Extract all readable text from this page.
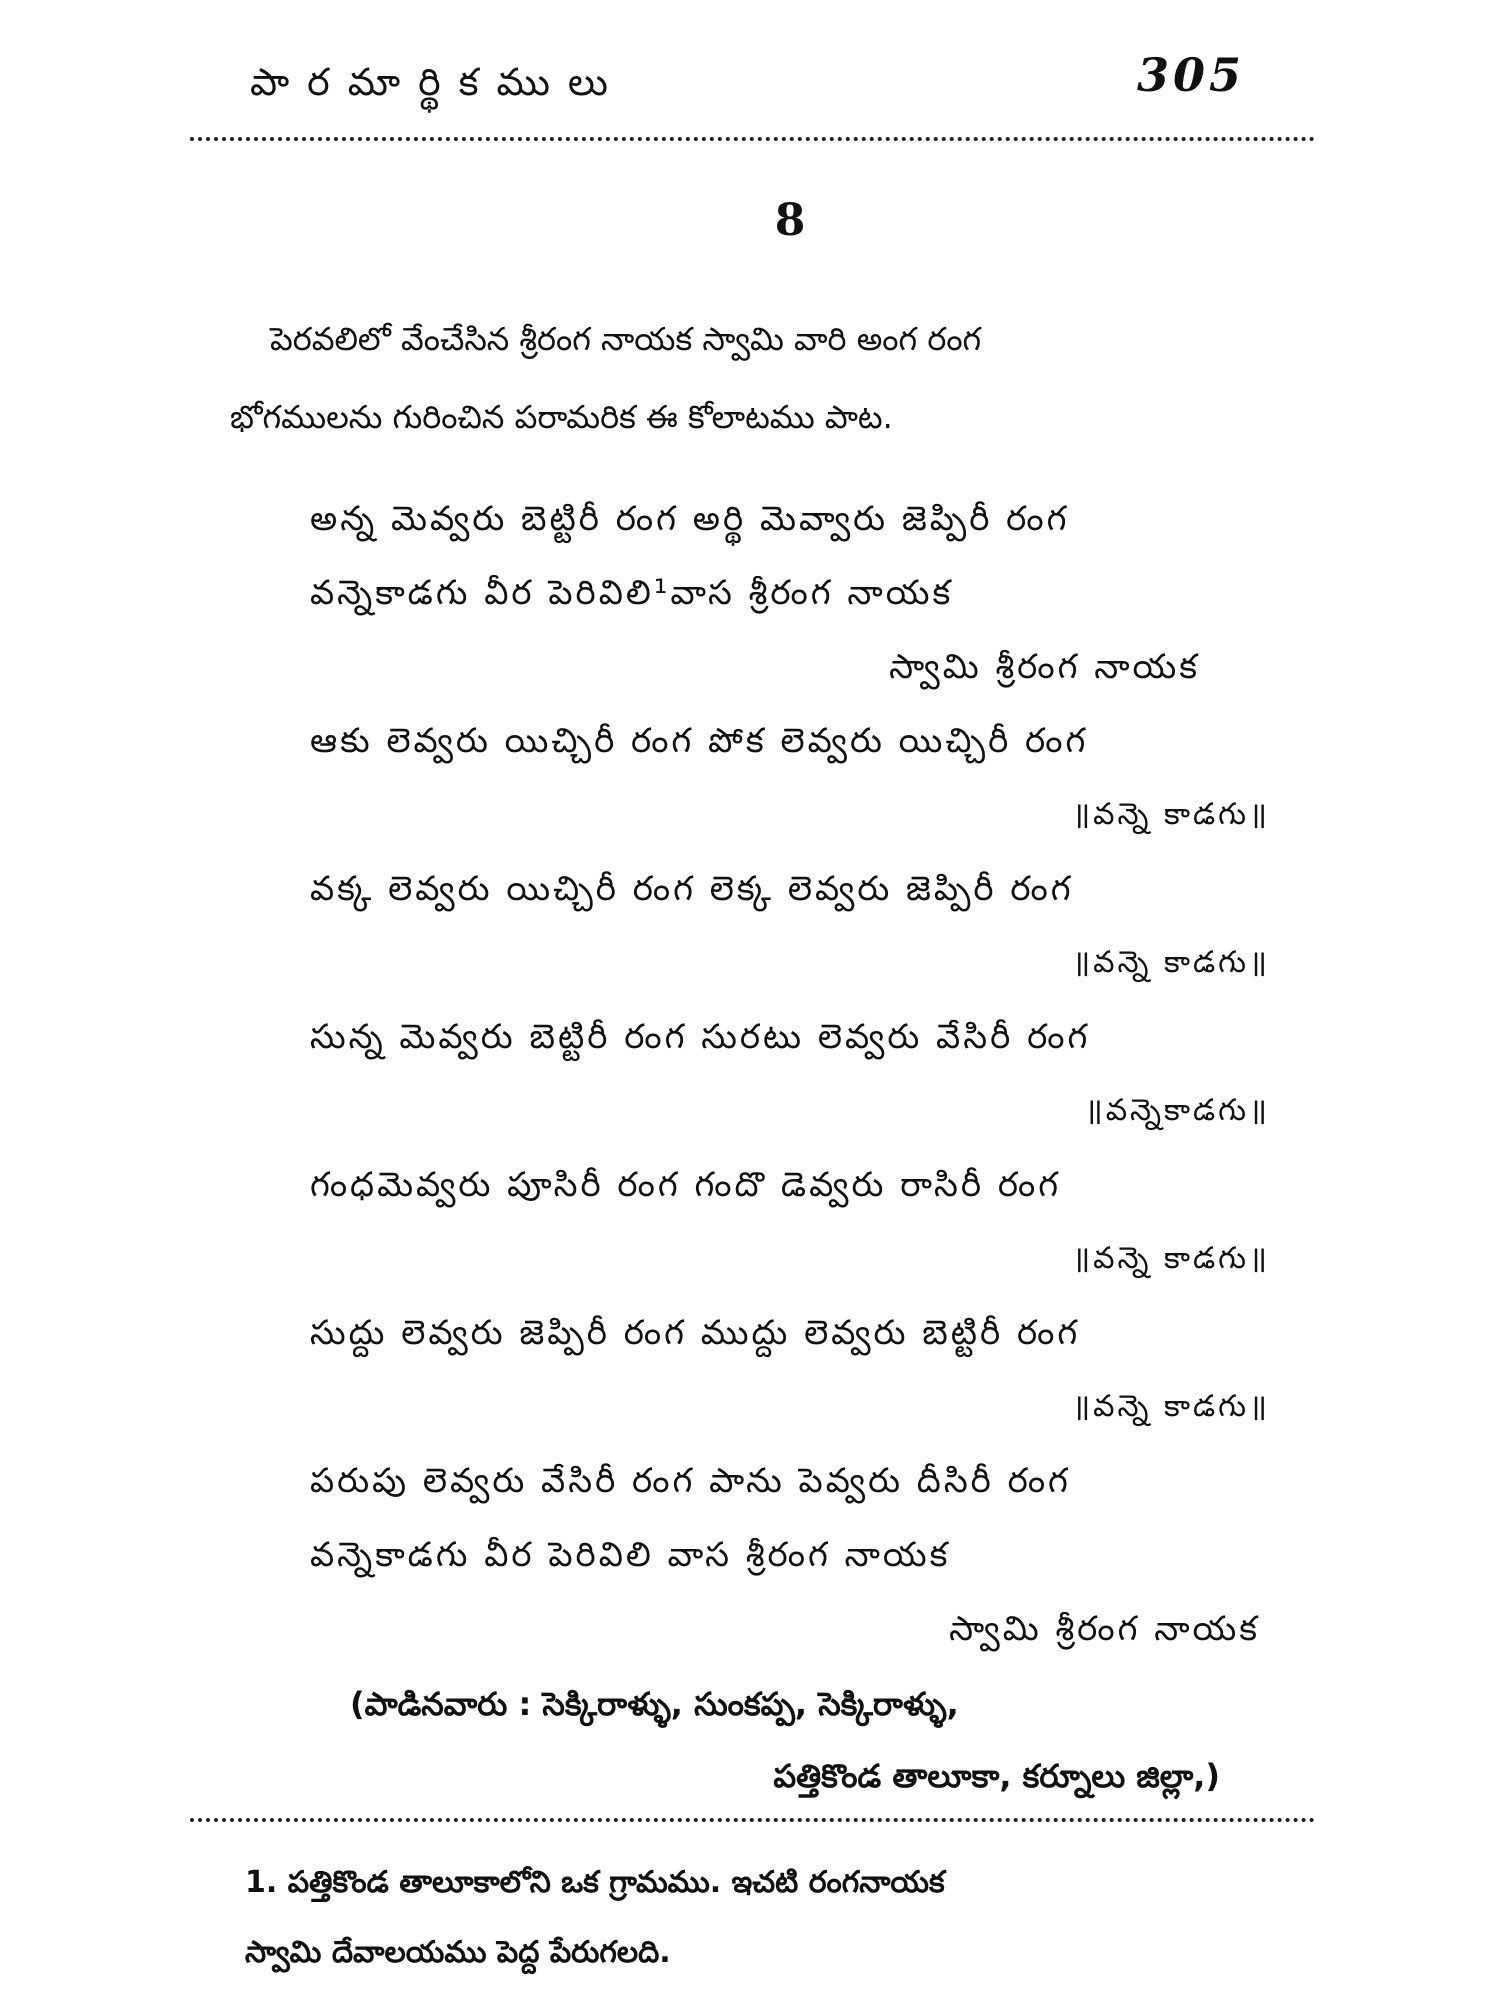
పారమార్థికములు	305
8

పెరవలిలో వేంచేసిన శ్రీరంగ నాయక స్వామి వారి అంగ రంగ

భోగములను గురించిన పరామరిక ఈ కోలాటము పాట.

అన్న మెవ్వరు బెట్టిరీ రంగ అర్థి మెవ్వారు జెప్పిరీ రంగ
వన్నెకాడగు వీర పెరివిలి¹వాస శ్రీరంగ నాయక
స్వామి శ్రీరంగ నాయక
ఆకు లెవ్వరు యిచ్చిరీ రంగ పోక లెవ్వరు యిచ్చిరీ రంగ
॥వన్నె కాడగు॥
వక్క లెవ్వరు యిచ్చిరీ రంగ లెక్క లెవ్వరు జెప్పిరీ రంగ
॥వన్నె కాడగు॥
సున్న మెవ్వరు బెట్టిరీ రంగ సురటు లెవ్వరు వేసిరీ రంగ
॥వన్నెకాడగు॥
గంధమెవ్వరు పూసిరీ రంగ గందొ డెవ్వరు రాసిరీ రంగ
॥వన్నె కాడగు॥
సుద్దు లెవ్వరు జెప్పిరీ రంగ ముద్దు లెవ్వరు బెట్టిరీ రంగ
॥వన్నె కాడగు॥
పరుపు లెవ్వరు వేసిరీ రంగ పాను పెవ్వరు దీసిరీ రంగ
వన్నెకాడగు వీర పెరివిలి వాస శ్రీరంగ నాయక
స్వామి శ్రీరంగ నాయక
(పాడినవారు : సెక్కిరాళ్ళు, సుంకప్ప, సెక్కిరాళ్ళు,
పత్తికొండ తాలూకా, కర్నూలు జిల్లా,)

1. పత్తికొండ తాలూకాలోని ఒక గ్రామము. ఇచటి రంగనాయక

స్వామి దేవాలయము పెద్ద పేరుగలది.
